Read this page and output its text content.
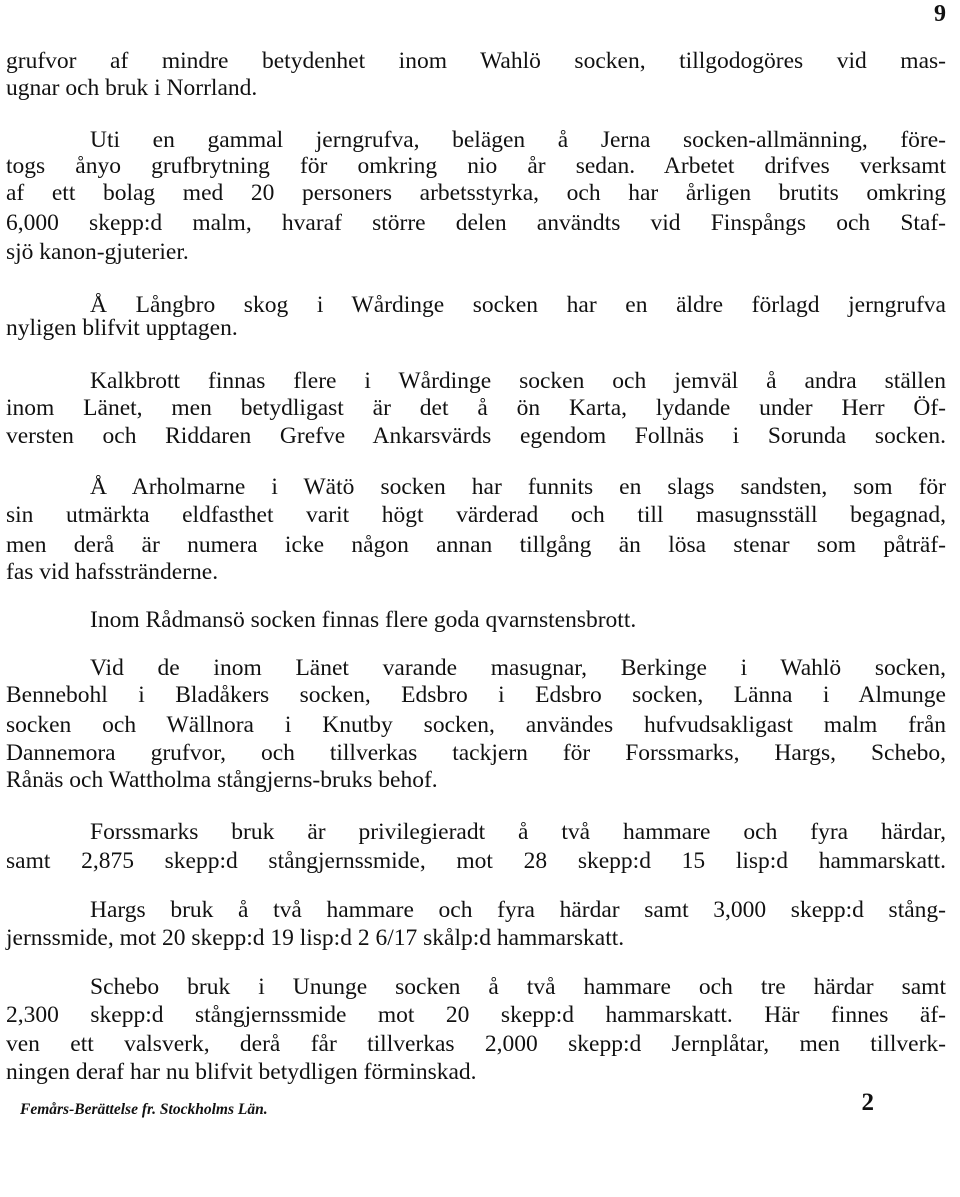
9
grufvor af mindre betydenhet inom Wahlö socken, tillgodogöres vid mas-
ugnar och bruk i Norrland.
Uti en gammal jerngrufva, belägen å Jerna socken-allmänning, före-
togs ånyo grufbrytning för omkring nio år sedan. Arbetet drifves verksamt
af ett bolag med 20 personers arbetsstyrka, och har årligen brutits omkring
6,000 skepp:d malm, hvaraf större delen användts vid Finspångs och Staf-
sjö kanon-gjuterier.
Å Långbro skog i Wårdinge socken har en äldre förlagd jerngrufva
nyligen blifvit upptagen.
Kalkbrott finnas flere i Wårdinge socken och jemväl å andra ställen
inom Länet, men betydligast är det å ön Karta, lydande under Herr Öf-
versten och Riddaren Grefve Ankarsvärds egendom Follnäs i Sorunda socken.
Å Arholmarne i Wätö socken har funnits en slags sandsten, som för
sin utmärkta eldfasthet varit högt värderad och till masugnsställ begagnad,
men derå är numera icke någon annan tillgång än lösa stenar som påträf-
fas vid hafsstränderne.
Inom Rådmansö socken finnas flere goda qvarnstensbrott.
Vid de inom Länet varande masugnar, Berkinge i Wahlö socken,
Bennebohl i Bladåkers socken, Edsbro i Edsbro socken, Länna i Almunge
socken och Wällnora i Knutby socken, användes hufvudsakligast malm från
Dannemora grufvor, och tillverkas tackjern för Forssmarks, Hargs, Schebo,
Rånäs och Wattholma stångjerns-bruks behof.
Forssmarks bruk är privilegieradt å två hammare och fyra härdar,
samt 2,875 skepp:d stångjernssmide, mot 28 skepp:d 15 lisp:d hammarskatt.
Hargs bruk å två hammare och fyra härdar samt 3,000 skepp:d stång-
jernssmide, mot 20 skepp:d 19 lisp:d 2 6/17 skålp:d hammarskatt.
Schebo bruk i Ununge socken å två hammare och tre härdar samt
2,300 skepp:d stångjernssmide mot 20 skepp:d hammarskatt. Här finnes äf-
ven ett valsverk, derå får tillverkas 2,000 skepp:d Jernplåtar, men tillverk-
ningen deraf har nu blifvit betydligen förminskad.
Femårs-Berättelse fr. Stockholms Län.	2
